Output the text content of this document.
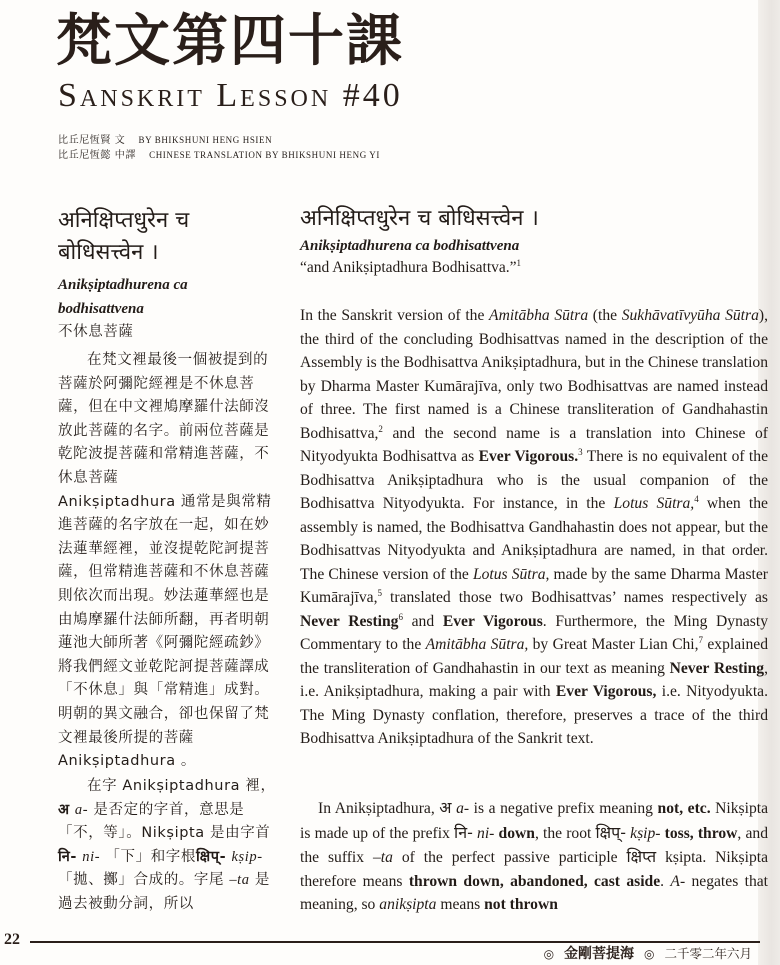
梵文第四十課
Sanskrit Lesson #40
比丘尼恆賢 文 BY BHIKSHUNI HENG HSIEN
比丘尼恆懿 中譯 CHINESE TRANSLATION BY BHIKSHUNI HENG YI
अनिक्षिप्तधुरेन च
बोधिसत्त्वेन ।
Anikṣiptadhurena ca
bodhisattvena
不休息菩薩

在梵文裡最後一個被提到的菩薩於阿彌陀經裡是不休息菩薩，但在中文裡鳩摩羅什法師沒放此菩薩的名字。前兩位菩薩是乾陀波提菩薩和常精進菩薩，不休息菩薩

Anikṣiptadhura 通常是與常精進菩薩的名字放在一起，如在妙法蓮華經裡，並沒提乾陀訶提菩薩，但常精進菩薩和不休息菩薩則依次而出現。妙法蓮華經也是由鳩摩羅什法師所翻，再者明朝蓮池大師所著《阿彌陀經疏鈔》將我們經文並乾陀訶提菩薩譯成「不休息」與「常精進」成對。明朝的異文融合，卻也保留了梵文裡最後所提的菩薩 Anikṣiptadhura 。

在字 Anikṣiptadhura 裡，अ a- 是否定的字首，意思是「不，等」。Nikṣipta 是由字首नि- ni- 「下」和字根क्षिप्- kṣip-「拋、擲」合成的。字尾 –ta 是過去被動分詞，所以

अनिक्षिप्तधुरेन च बोधिसत्त्वेन ।
Anikṣiptadhurena ca bodhisattvena
“and Anikṣiptadhura Bodhisattva.”$^1$

In the Sanskrit version of the Amitābha Sūtra (the Sukhāvatīvyūha Sūtra), the third of the concluding Bodhisattvas named in the description of the Assembly is the Bodhisattva Anikṣiptadhura, but in the Chinese translation by Dharma Master Kumārajīva, only two Bodhisattvas are named instead of three. The first named is a Chinese transliteration of Gandhahastin Bodhisattva,$^2$ and the second name is a translation into Chinese of Nityodyukta Bodhisattva as Ever Vigorous.$^3$ There is no equivalent of the Bodhisattva Anikṣiptadhura who is the usual companion of the Bodhisattva Nityodyukta. For instance, in the Lotus Sūtra,$^4$ when the assembly is named, the Bodhisattva Gandhahastin does not appear, but the Bodhisattvas Nityodyukta and Anikṣiptadhura are named, in that order. The Chinese version of the Lotus Sūtra, made by the same Dharma Master Kumārajīva,$^5$ translated those two Bodhisattvas’ names respectively as Never Resting$^6$ and Ever Vigorous. Furthermore, the Ming Dynasty Commentary to the Amitābha Sūtra, by Great Master Lian Chi,$^7$ explained the transliteration of Gandhahastin in our text as meaning Never Resting, i.e. Anikṣiptadhura, making a pair with Ever Vigorous, i.e. Nityodyukta. The Ming Dynasty conflation, therefore, preserves a trace of the third Bodhisattva Anikṣiptadhura of the Sankrit text.

In Anikṣiptadhura, अ a- is a negative prefix meaning not, etc. Nikṣipta is made up of the prefix नि- ni- down, the root क्षिप्- kṣip- toss, throw, and the suffix –ta of the perfect passive participle क्षिप्त kṣipta. Nikṣipta therefore means thrown down, abandoned, cast aside. A- negates that meaning, so anikṣipta means not thrown

22
◎ 金剛菩提海 ◎ 二千零二年六月
